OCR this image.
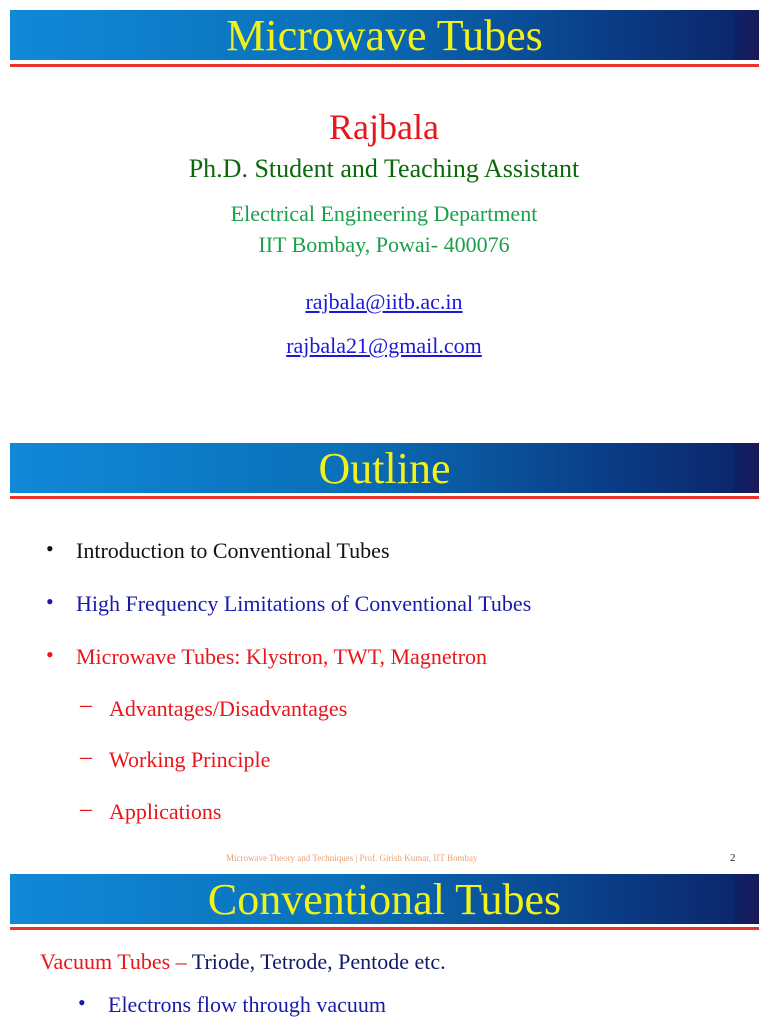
Microwave Tubes
Rajbala
Ph.D. Student and Teaching Assistant
Electrical Engineering Department
IIT Bombay, Powai- 400076
rajbala@iitb.ac.in
rajbala21@gmail.com
Outline
• Introduction to Conventional Tubes
• High Frequency Limitations of Conventional Tubes
• Microwave Tubes: Klystron, TWT, Magnetron
– Advantages/Disadvantages
– Working Principle
– Applications
Microwave Theory and Techniques | Prof. Girish Kumar, IIT Bombay	2
Conventional Tubes
Vacuum Tubes – Triode, Tetrode, Pentode etc.
• Electrons flow through vacuum
